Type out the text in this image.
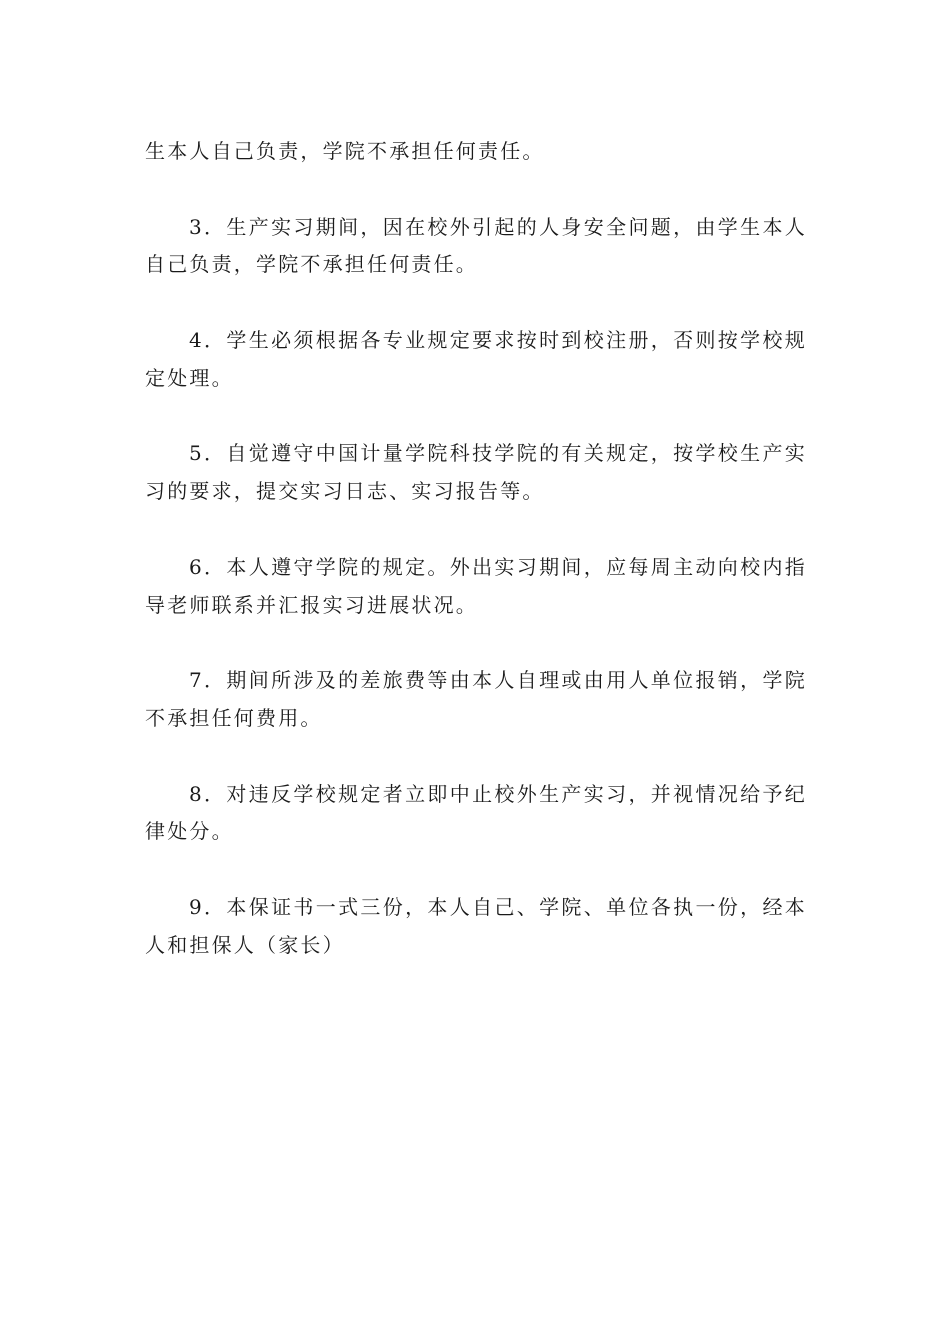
生本人自己负责，学院不承担任何责任。

3．生产实习期间，因在校外引起的人身安全问题，由学生本人自己负责，学院不承担任何责任。

4．学生必须根据各专业规定要求按时到校注册，否则按学校规定处理。

5．自觉遵守中国计量学院科技学院的有关规定，按学校生产实习的要求，提交实习日志、实习报告等。

6．本人遵守学院的规定。外出实习期间，应每周主动向校内指导老师联系并汇报实习进展状况。

7．期间所涉及的差旅费等由本人自理或由用人单位报销，学院不承担任何费用。

8．对违反学校规定者立即中止校外生产实习，并视情况给予纪律处分。

9．本保证书一式三份，本人自己、学院、单位各执一份，经本人和担保人（家长）
